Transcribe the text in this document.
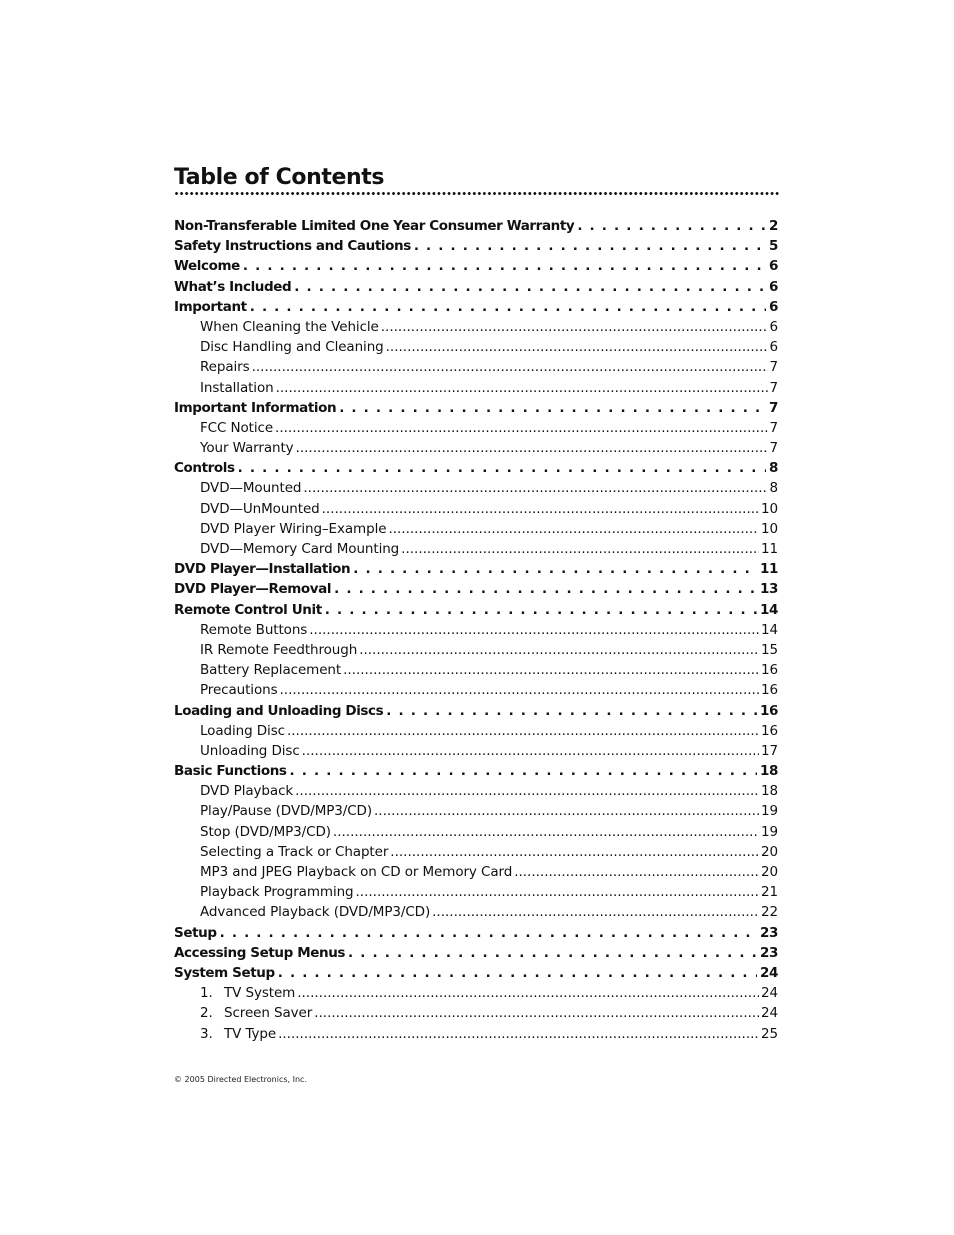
Table of Contents
Non-Transferable Limited One Year Consumer Warranty . . .	2
Safety Instructions and Cautions . . .	5
Welcome . . .	6
What’s Included . . .	6
Important . . .	6
When Cleaning the Vehicle .....	6
Disc Handling and Cleaning .....	6
Repairs .....	7
Installation .....	7
Important Information . . .	7
FCC Notice .....	7
Your Warranty .....	7
Controls . . .	8
DVD—Mounted .....	8
DVD—UnMounted .....	10
DVD Player Wiring–Example .....	10
DVD—Memory Card Mounting .....	11
DVD Player—Installation . . .	11
DVD Player—Removal . . .	13
Remote Control Unit . . .	14
Remote Buttons .....	14
IR Remote Feedthrough .....	15
Battery Replacement .....	16
Precautions .....	16
Loading and Unloading Discs . . .	16
Loading Disc .....	16
Unloading Disc .....	17
Basic Functions . . .	18
DVD Playback .....	18
Play/Pause (DVD/MP3/CD) .....	19
Stop (DVD/MP3/CD) .....	19
Selecting a Track or Chapter .....	20
MP3 and JPEG Playback on CD or Memory Card .....	20
Playback Programming .....	21
Advanced Playback (DVD/MP3/CD) .....	22
Setup . . .	23
Accessing Setup Menus . . .	23
System Setup . . .	24
1. TV System .....	24
2. Screen Saver .....	24
3. TV Type .....	25
© 2005 Directed Electronics, Inc.
